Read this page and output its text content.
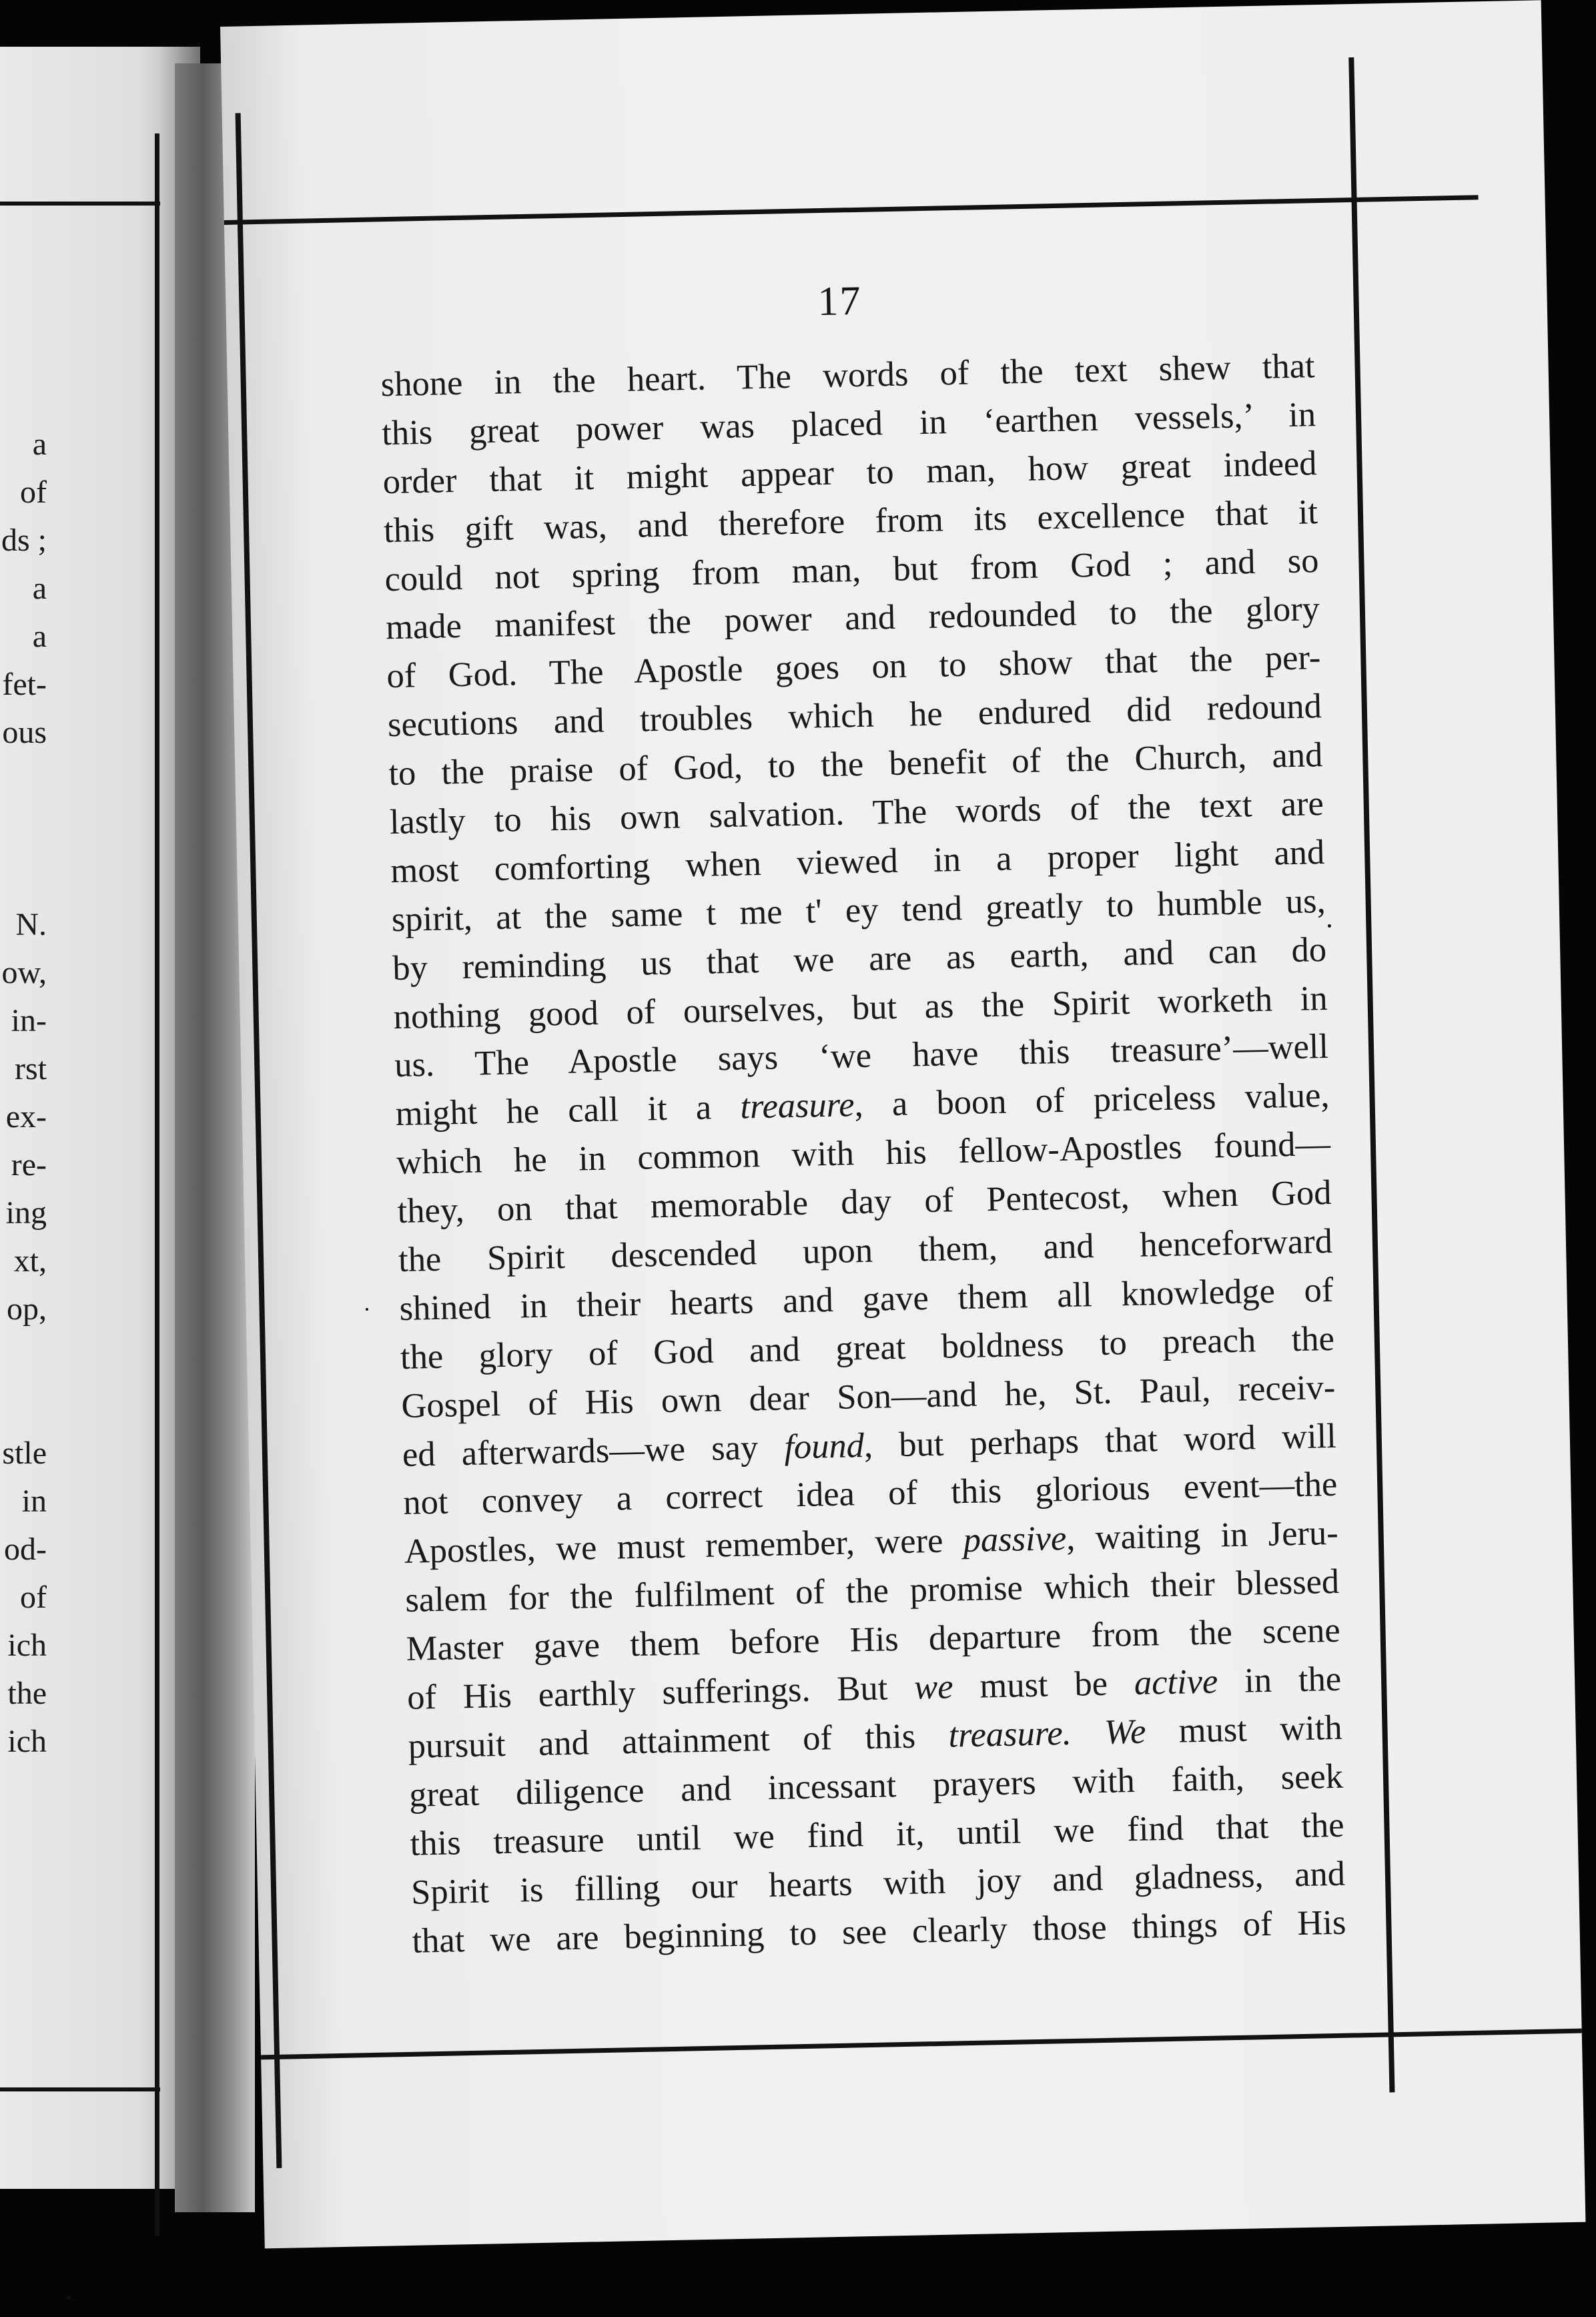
a
of
ds ;
a
a
fet-
ous
N.
ow,
in-
rst
ex-
re-
ing
xt,
op,
stle
in
od-
of
ich
the
ich
17
shone in the heart. The words of the text shew that
this great power was placed in ‘earthen vessels,’ in
order that it might appear to man, how great indeed
this gift was, and therefore from its excellence that it
could not spring from man, but from God ; and so
made manifest the power and redounded to the glory
of God. The Apostle goes on to show that the per-
secutions and troubles which he endured did redound
to the praise of God, to the benefit of the Church, and
lastly to his own salvation. The words of the text are
most comforting when viewed in a proper light and
spirit, at the same t me t' ey tend greatly to humble us,
by reminding us that we are as earth, and can do
nothing good of ourselves, but as the Spirit worketh in
us. The Apostle says ‘we have this treasure’—well
might he call it a treasure, a boon of priceless value,
which he in common with his fellow-Apostles found—
they, on that memorable day of Pentecost, when God
the Spirit descended upon them, and henceforward
shined in their hearts and gave them all knowledge of
the glory of God and great boldness to preach the
Gospel of His own dear Son—and he, St. Paul, receiv-
ed afterwards—we say found, but perhaps that word will
not convey a correct idea of this glorious event—the
Apostles, we must remember, were passive, waiting in Jeru-
salem for the fulfilment of the promise which their blessed
Master gave them before His departure from the scene
of His earthly sufferings. But we must be active in the
pursuit and attainment of this treasure. We must with
great diligence and incessant prayers with faith, seek
this treasure until we find it, until we find that the
Spirit is filling our hearts with joy and gladness, and
that we are beginning to see clearly those things of His
